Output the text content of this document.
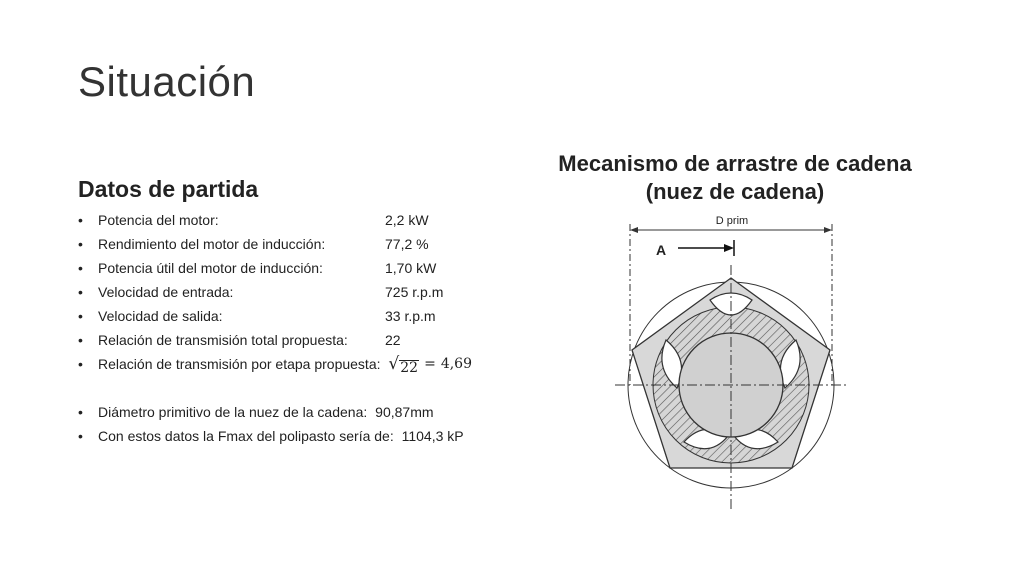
Situación
Datos de partida
Mecanismo de arrastre de cadena
(nuez de cadena)
• Potencia del motor:	2,2 kW
• Rendimiento del motor de inducción:	77,2 %
• Potencia útil del motor de inducción:	1,70 kW
• Velocidad de entrada:	725 r.p.m
• Velocidad de salida:	33 r.p.m
• Relación de transmisión total propuesta:	22
• Relación de transmisión por etapa propuesta: √ 22 = 4,69
• Diámetro primitivo de la nuez de la cadena: 90,87mm
• Con estos datos la Fmax del polipasto sería de: 1104,3 kP
D prim
A
